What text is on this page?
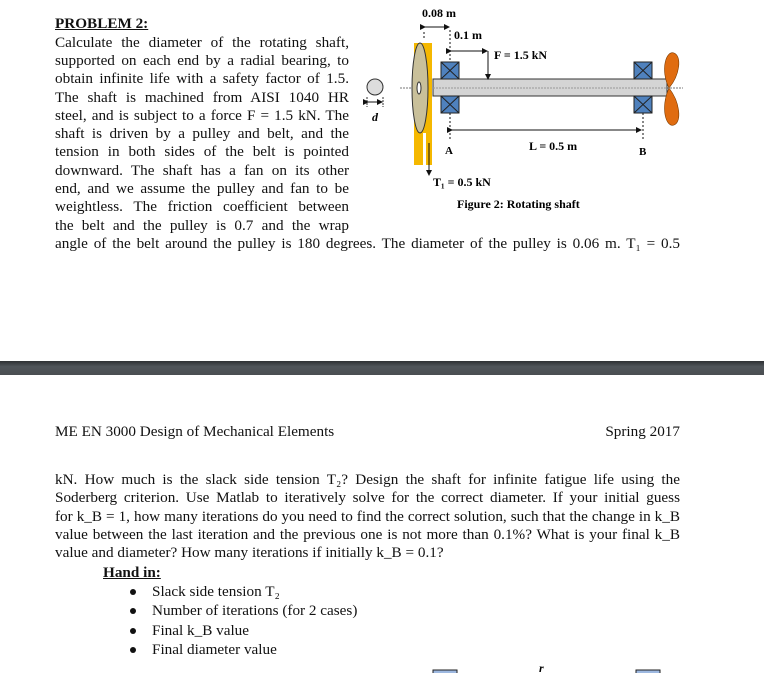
PROBLEM 2:
Calculate the diameter of the rotating shaft,
supported on each end by a radial bearing, to
obtain infinite life with a safety factor of 1.5.
The shaft is machined from AISI 1040 HR
steel, and is subject to a force F = 1.5 kN. The
shaft is driven by a pulley and belt, and the
tension in both sides of the belt is pointed
downward. The shaft has a fan on its other
end, and we assume the pulley and fan to be
weightless. The friction coefficient between
the belt and the pulley is 0.7 and the wrap
angle of the belt around the pulley is 180 degrees. The diameter of the pulley is 0.06 m. T₁ = 0.5
d
0.08 m
0.1 m
F = 1.5 kN
A	L = 0.5 m	B
T₁ = 0.5 kN
Figure 2: Rotating shaft
ME EN 3000 Design of Mechanical Elements	Spring 2017
kN. How much is the slack side tension T₂? Design the shaft for infinite fatigue life using the
Soderberg criterion. Use Matlab to iteratively solve for the correct diameter. If your initial guess
for k_B = 1, how many iterations do you need to find the correct solution, such that the change in k_B
value between the last iteration and the previous one is not more than 0.1%? What is your final k_B
value and diameter? How many iterations if initially k_B = 0.1?
Hand in:
Slack side tension T₂
Number of iterations (for 2 cases)
Final k_B value
Final diameter value
r
